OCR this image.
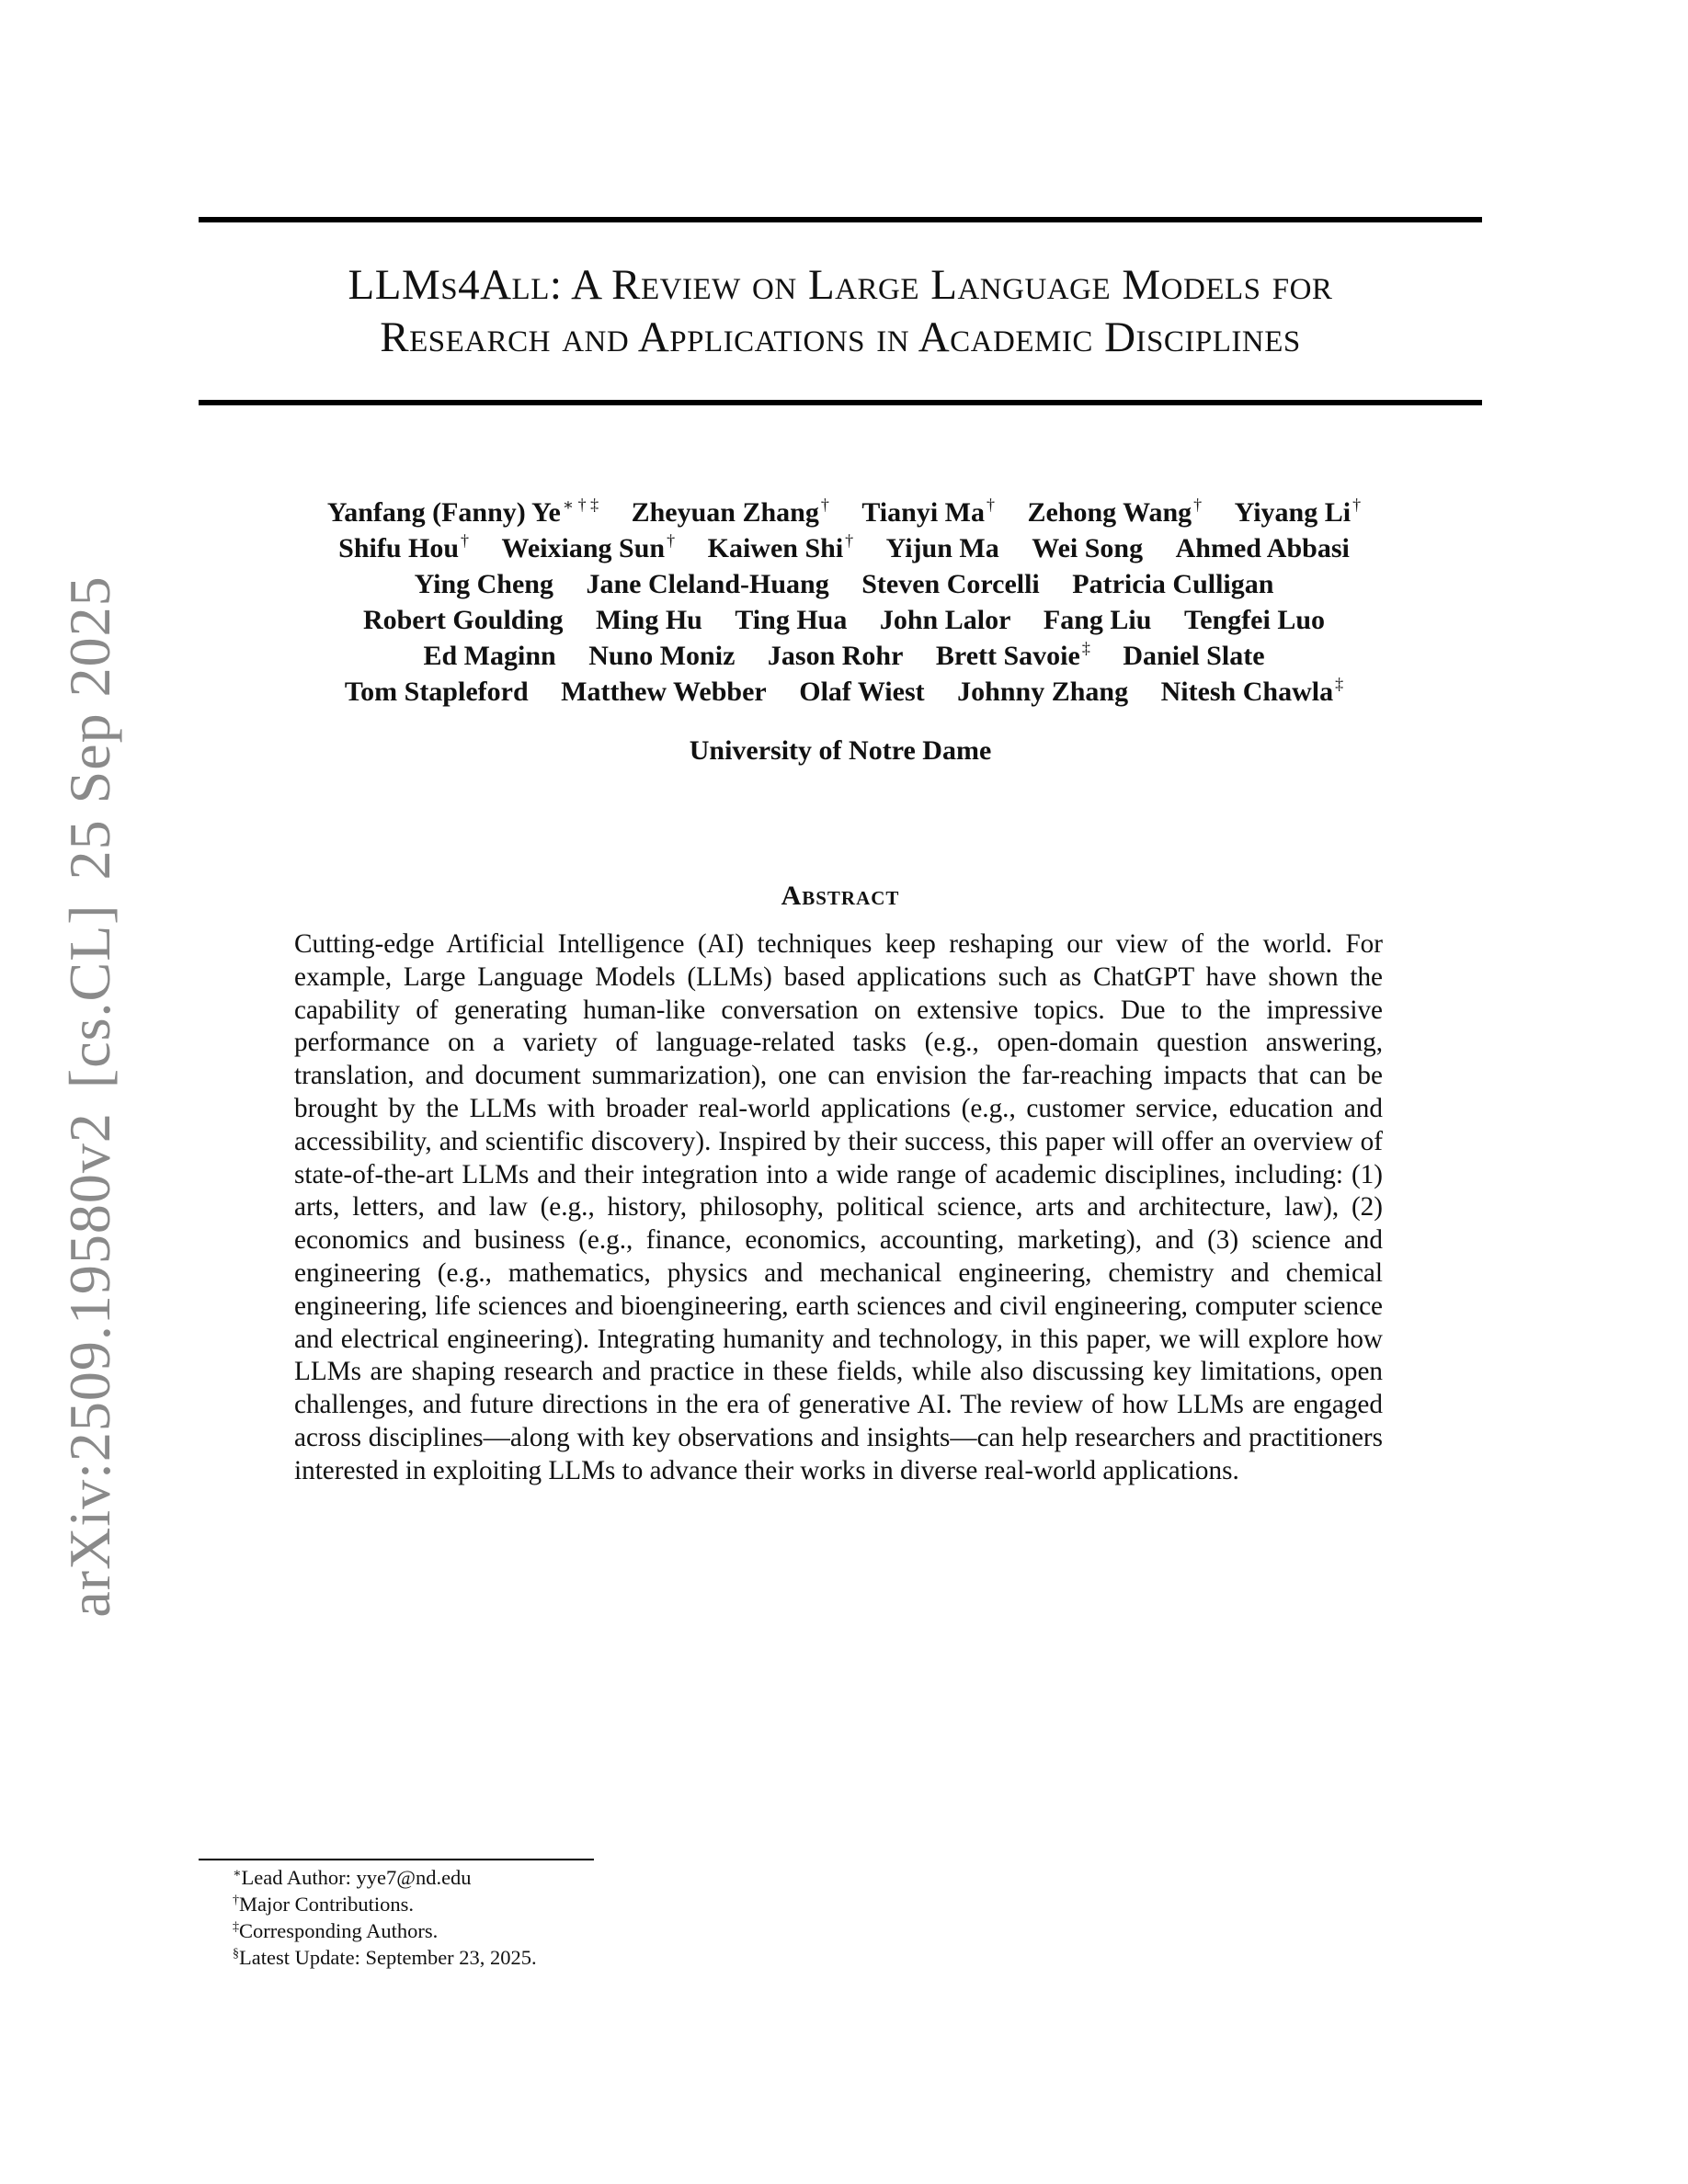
arXiv:2509.19580v2[cs.CL]25 Sep 2025
LLMs4All: A Review on Large Language Models for
Research and Applications in Academic Disciplines
Yanfang (Fanny) Ye ∗ † ‡ Zheyuan Zhang † Tianyi Ma † Zehong Wang † Yiyang Li †
Shifu Hou † Weixiang Sun † Kaiwen Shi † Yijun Ma Wei Song Ahmed Abbasi
Ying Cheng Jane Cleland-Huang Steven Corcelli Patricia Culligan
Robert Goulding Ming Hu Ting Hua John Lalor Fang Liu Tengfei Luo
Ed Maginn Nuno Moniz Jason Rohr Brett Savoie ‡ Daniel Slate
Tom Stapleford Matthew Webber Olaf Wiest Johnny Zhang Nitesh Chawla ‡
University of Notre Dame
Abstract
Cutting-edge Artificial Intelligence (AI) techniques keep reshaping our view of the world. For example, Large Language Models (LLMs) based applications such as ChatGPT have shown the capability of generating human-like conversation on extensive topics. Due to the impressive performance on a variety of language-related tasks (e.g., open-domain question answering, translation, and document summarization), one can envision the far-reaching impacts that can be brought by the LLMs with broader real-world applications (e.g., customer service, education and accessibility, and scientific discovery). Inspired by their success, this paper will offer an overview of state-of-the-art LLMs and their integration into a wide range of academic disciplines, including: (1) arts, letters, and law (e.g., history, philosophy, political science, arts and architecture, law), (2) economics and business (e.g., finance, economics, accounting, marketing), and (3) science and engineering (e.g., mathematics, physics and mechanical engineering, chemistry and chemical engineering, life sciences and bioengineering, earth sciences and civil engineering, computer science and electrical engineering). Integrating humanity and technology, in this paper, we will explore how LLMs are shaping research and practice in these fields, while also discussing key limitations, open challenges, and future directions in the era of generative AI. The review of how LLMs are engaged across disciplines—along with key observations and insights—can help researchers and practitioners interested in exploiting LLMs to advance their works in diverse real-world applications.
∗Lead Author: yye7@nd.edu
†Major Contributions.
‡Corresponding Authors.
§Latest Update: September 23, 2025.
